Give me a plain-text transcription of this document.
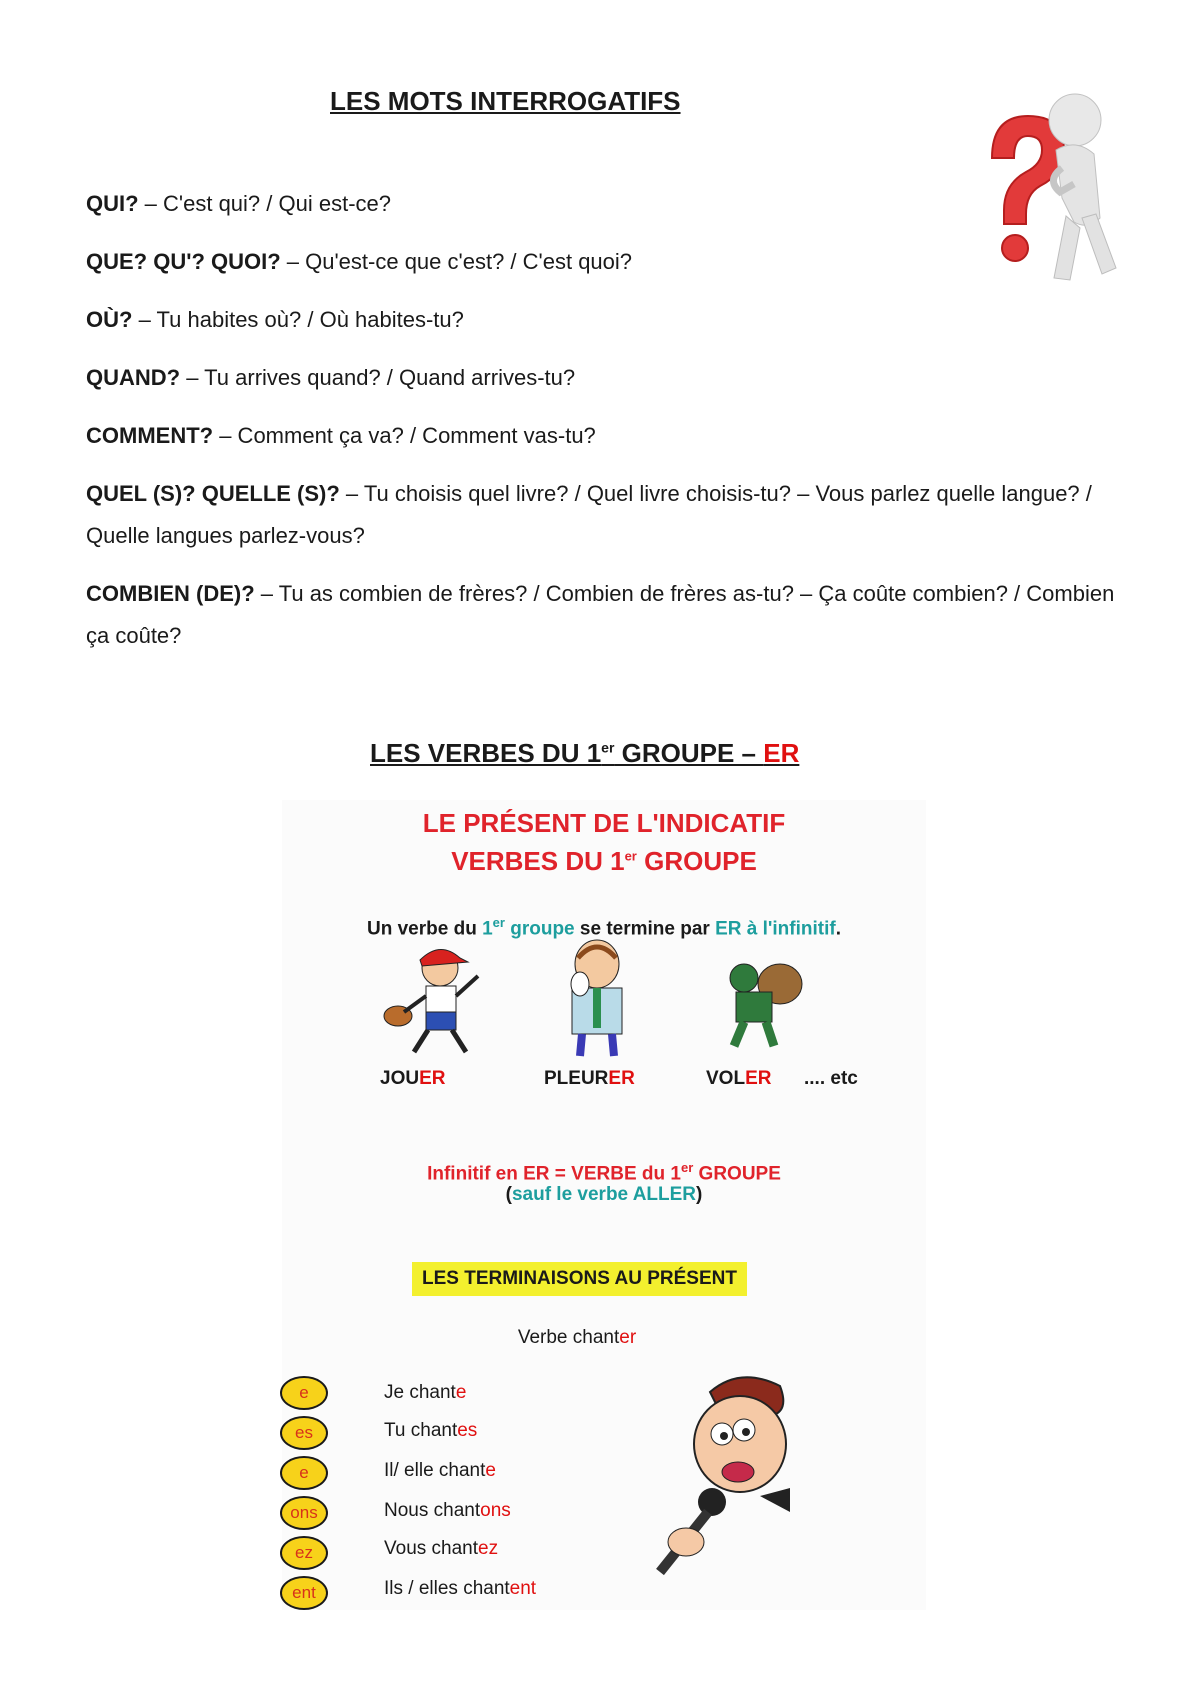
LES MOTS INTERROGATIFS
QUI? – C'est qui? / Qui est-ce?
QUE? QU'? QUOI? – Qu'est-ce que c'est? / C'est quoi?
OÙ? – Tu habites où? / Où habites-tu?
QUAND? – Tu arrives quand? / Quand arrives-tu?
COMMENT? – Comment ça va? / Comment vas-tu?
QUEL (S)? QUELLE (S)? – Tu choisis quel livre? / Quel livre choisis-tu? – Vous parlez quelle langue? / Quelle langues parlez-vous?
COMBIEN (DE)? – Tu as combien de frères? / Combien de frères as-tu? – Ça coûte combien? / Combien ça coûte?
LES VERBES DU 1er GROUPE – ER
LE PRÉSENT DE L'INDICATIF
VERBES DU 1er GROUPE
Un verbe du 1er groupe se termine par ER à l'infinitif.
JOUER	PLEURER	VOLER .... etc
Infinitif en ER = VERBE du 1er GROUPE
(sauf le verbe ALLER)
LES TERMINAISONS AU PRÉSENT
Verbe chanter
e
es
e
ons
ez
ent
Je chante
Tu chantes
Il/ elle chante
Nous chantons
Vous chantez
Ils / elles chantent
